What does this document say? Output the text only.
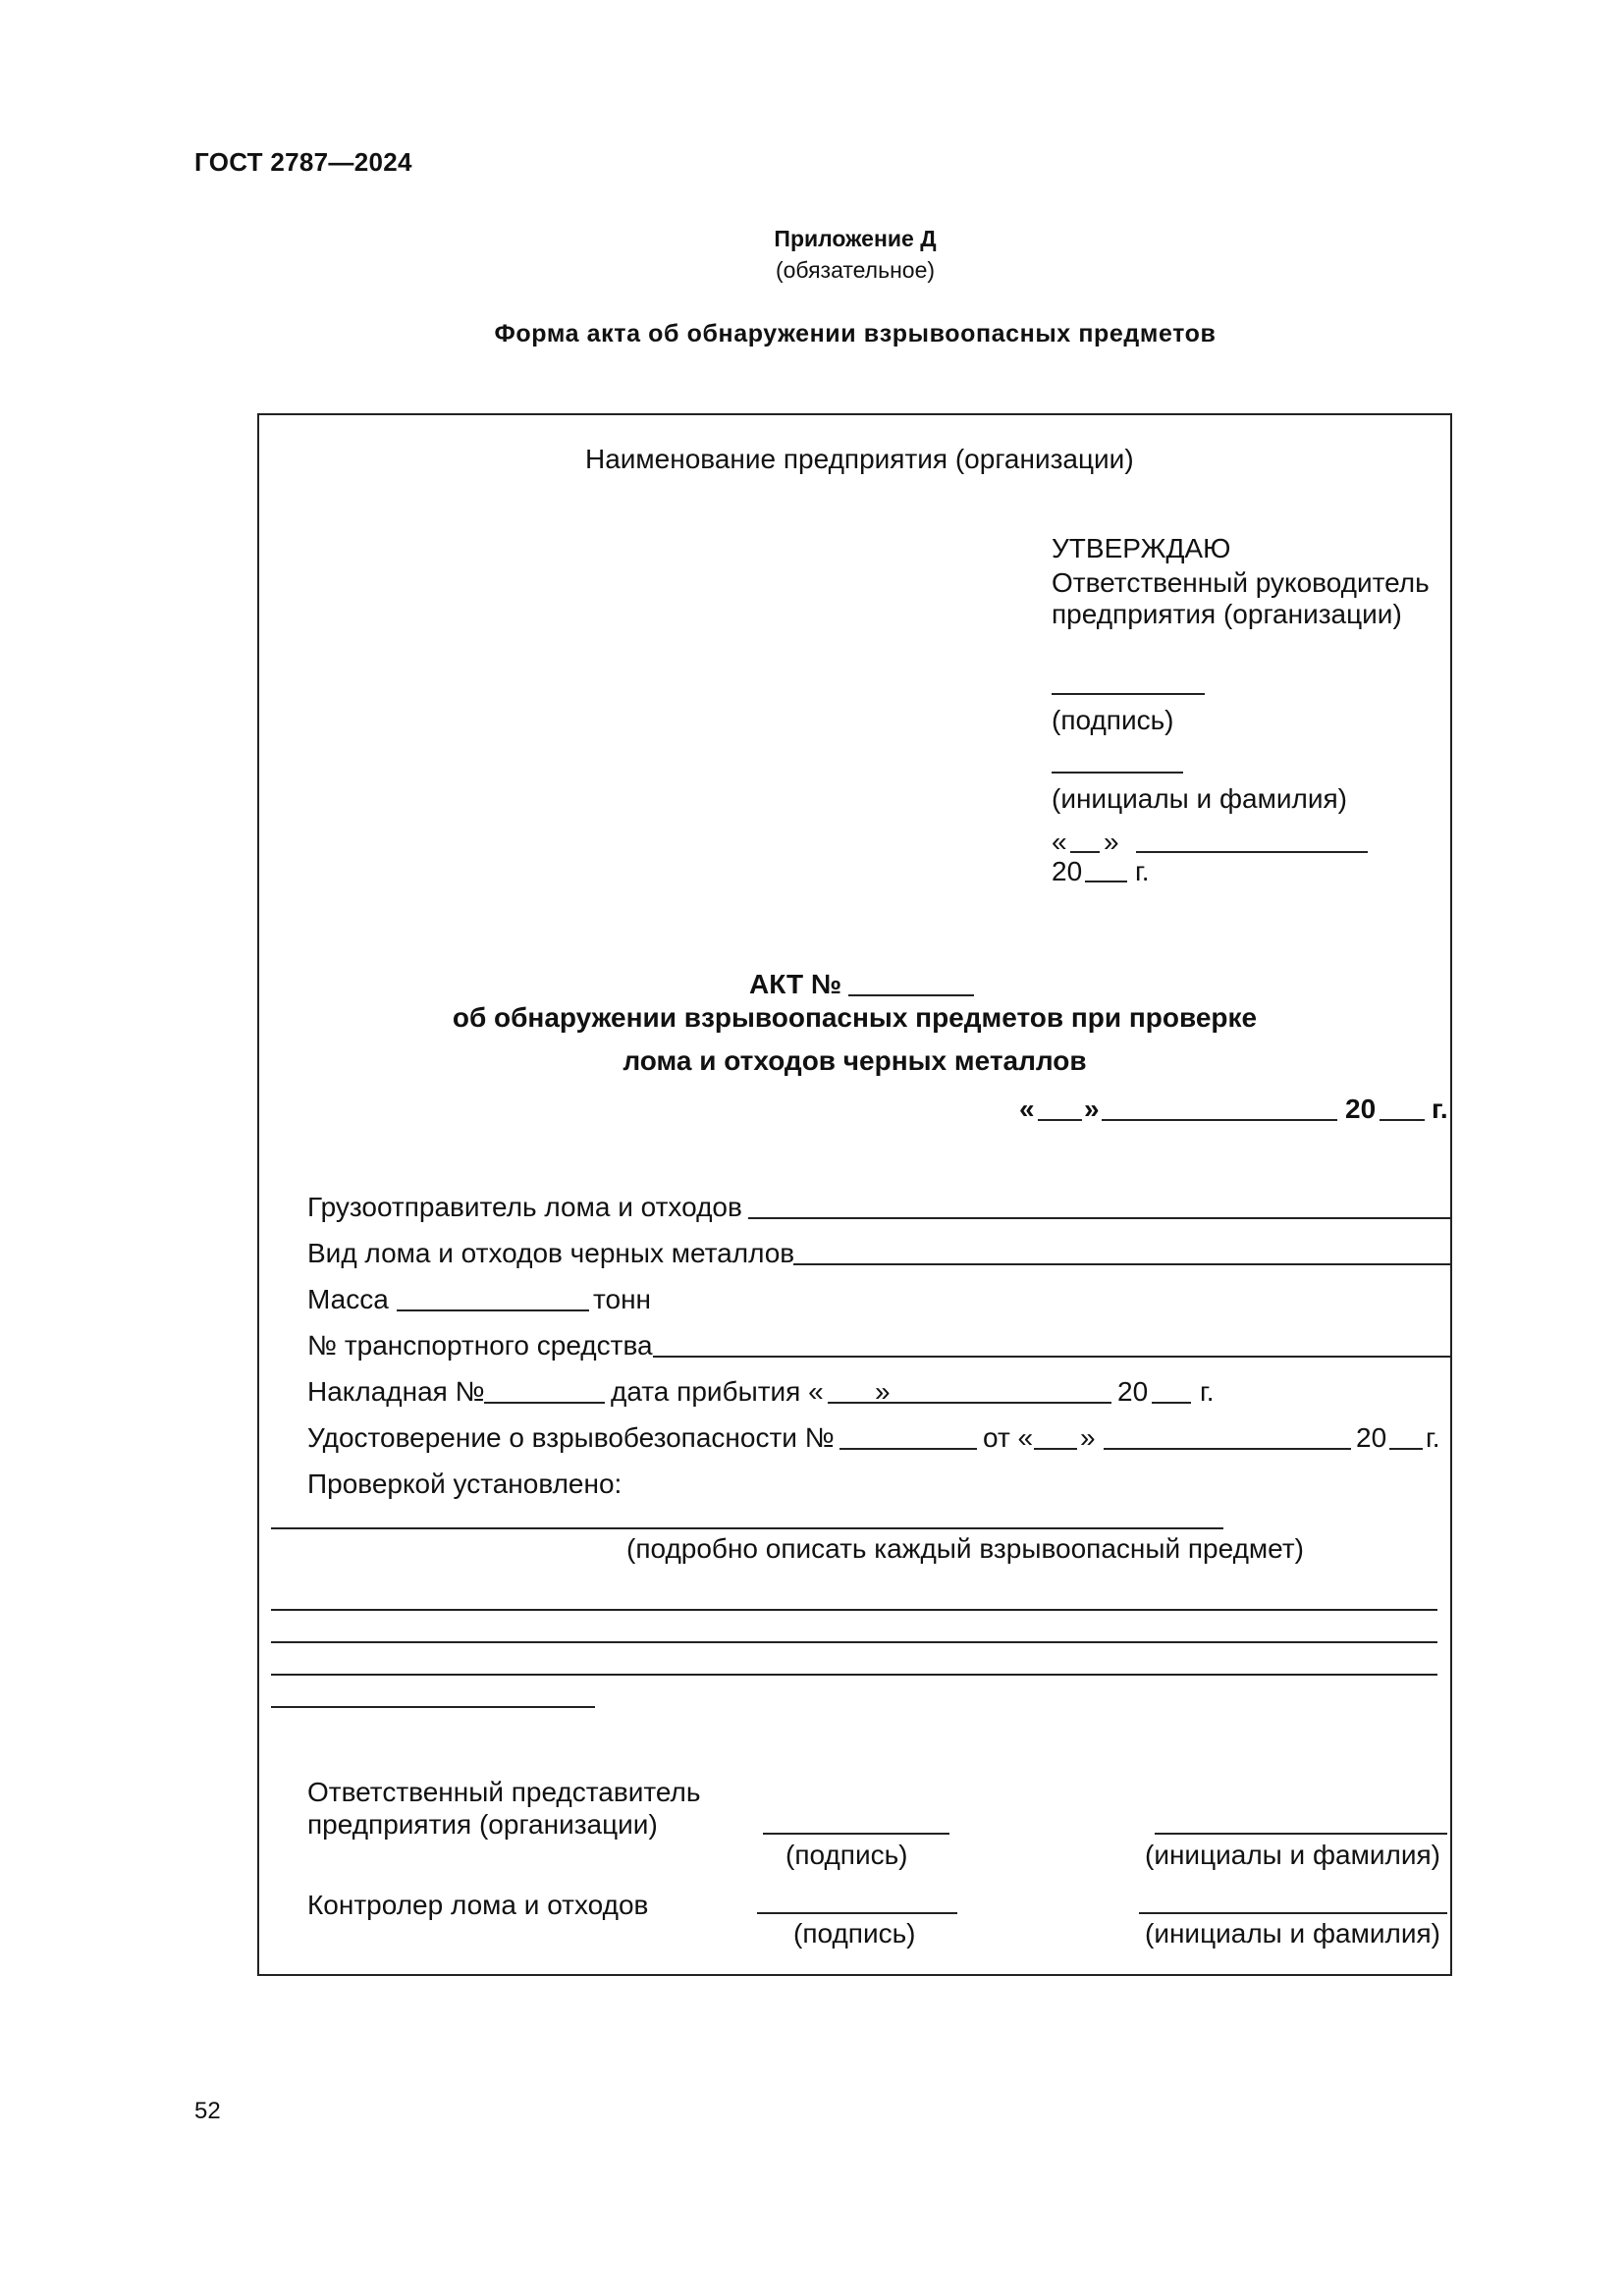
ГОСТ 2787—2024
Приложение Д
(обязательное)
Форма акта об обнаружении взрывоопасных предметов
Наименование предприятия (организации)
УТВЕРЖДАЮ
Ответственный руководитель
предприятия (организации)
(подпись)
(инициалы и фамилия)
« »
20 г.
АКТ №
об обнаружении взрывоопасных предметов при проверке
лома и отходов черных металлов
« »	20 г.
Грузоотправитель лома и отходов
Вид лома и отходов черных металлов
Масса	тонн
№ транспортного средства
Накладная №	дата прибытия « »	20 г.
Удостоверение о взрывобезопасности №	от « »	20 г.
Проверкой установлено:
(подробно описать каждый взрывоопасный предмет)
Ответственный представитель
предприятия (организации)
(подпись)	(инициалы и фамилия)
Контролер лома и отходов
(подпись)	(инициалы и фамилия)
52
